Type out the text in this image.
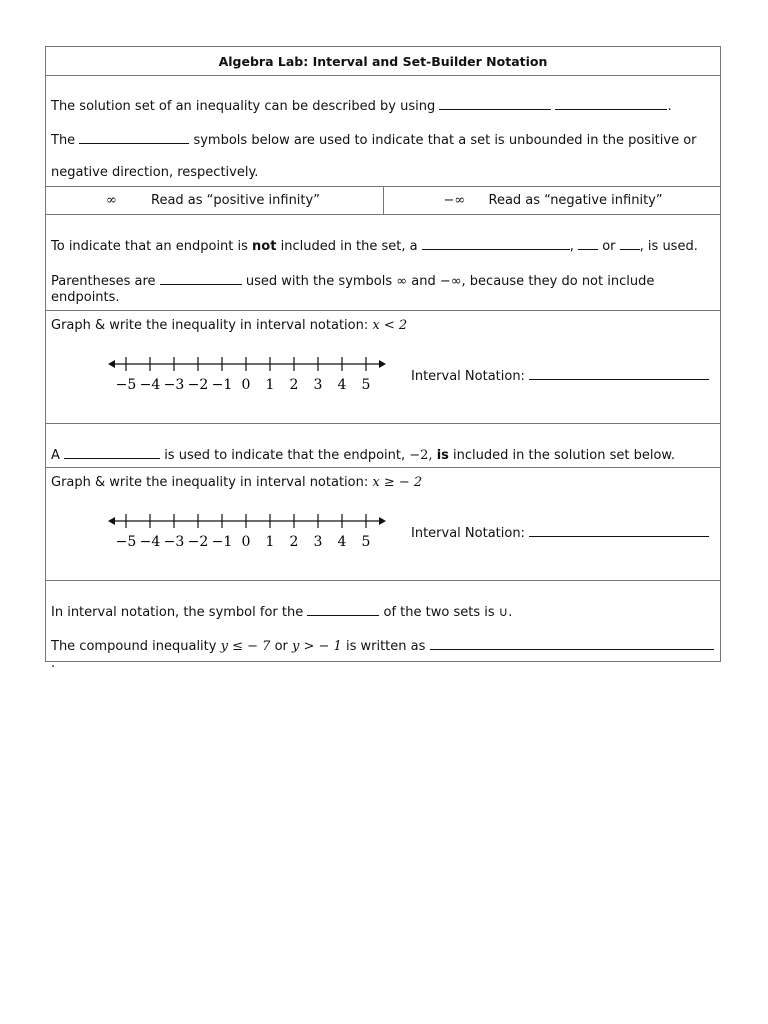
Algebra Lab: Interval and Set-Builder Notation
The solution set of an inequality can be described by using	.
The	symbols below are used to indicate that a set is unbounded in the positive or
negative direction, respectively.
∞	Read as “positive infinity”	−∞	Read as “negative infinity”
To indicate that an endpoint is not included in the set, a	, or , is used.
Parentheses are	used with the symbols ∞ and −∞, because they do not include
endpoints.
Graph & write the inequality in interval notation: x < 2
−5 −4 −3 −2 −1 0 1 2 3 4 5
Interval Notation:
A	is used to indicate that the endpoint, −2, is included in the solution set below.
Graph & write the inequality in interval notation: x ≥ − 2
−5 −4 −3 −2 −1 0 1 2 3 4 5
Interval Notation:
In interval notation, the symbol for the	of the two sets is ∪.
The compound inequality y ≤ − 7 or y > − 1 is written as .
